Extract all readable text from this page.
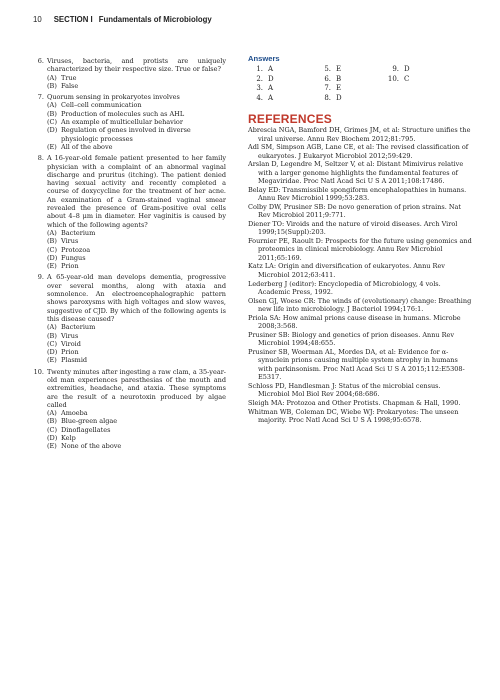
10 SECTION I Fundamentals of Microbiology
6. Viruses, bacteria, and protists are uniquely characterized by their respective size. True or false?
(A) True
(B) False
7. Quorum sensing in prokaryotes involves
(A) Cell–cell communication
(B) Production of molecules such as AHL
(C) An example of multicellular behavior
(D) Regulation of genes involved in diverse physiologic processes
(E) All of the above
8. A 16-year-old female patient presented to her family physician with a complaint of an abnormal vaginal discharge and pruritus (itching). The patient denied having sexual activity and recently completed a course of doxycycline for the treatment of her acne. An examination of a Gram-stained vaginal smear revealed the presence of Gram-positive oval cells about 4–8 μm in diameter. Her vaginitis is caused by which of the following agents?
(A) Bacterium
(B) Virus
(C) Protozoa
(D) Fungus
(E) Prion
9. A 65-year-old man develops dementia, progressive over several months, along with ataxia and somnolence. An electroencephalographic pattern shows paroxysms with high voltages and slow waves, suggestive of CJD. By which of the following agents is this disease caused?
(A) Bacterium
(B) Virus
(C) Viroid
(D) Prion
(E) Plasmid
10. Twenty minutes after ingesting a raw clam, a 35-year-old man experiences paresthesias of the mouth and extremities, headache, and ataxia. These symptoms are the result of a neurotoxin produced by algae called
(A) Amoeba
(B) Blue-green algae
(C) Dinoflagellates
(D) Kelp
(E) None of the above
Answers
1. A	5. E	9. D
2. D	6. B	10. C
3. A	7. E
4. A	8. D
REFERENCES
Abrescia NGA, Bamford DH, Grimes JM, et al: Structure unifies the viral universe. Annu Rev Biochem 2012;81:795.
Adl SM, Simpson AGB, Lane CE, et al: The revised classification of eukaryotes. J Eukaryot Microbiol 2012;59:429.
Arslan D, Legendre M, Seltzer V, et al: Distant Mimivirus relative with a larger genome highlights the fundamental features of Megaviridae. Proc Natl Acad Sci U S A 2011;108:17486.
Belay ED: Transmissible spongiform encephalopathies in humans. Annu Rev Microbiol 1999;53:283.
Colby DW, Prusiner SB: De novo generation of prion strains. Nat Rev Microbiol 2011;9:771.
Diener TO: Viroids and the nature of viroid diseases. Arch Virol 1999;15(Suppl):203.
Fournier PE, Raoult D: Prospects for the future using genomics and proteomics in clinical microbiology. Annu Rev Microbiol 2011;65:169.
Katz LA: Origin and diversification of eukaryotes. Annu Rev Microbiol 2012;63:411.
Lederberg J (editor): Encyclopedia of Microbiology, 4 vols. Academic Press, 1992.
Olsen GJ, Woese CR: The winds of (evolutionary) change: Breathing new life into microbiology. J Bacteriol 1994;176:1.
Priola SA: How animal prions cause disease in humans. Microbe 2008;3:568.
Prusiner SB: Biology and genetics of prion diseases. Annu Rev Microbiol 1994;48:655.
Prusiner SB, Woerman AL, Mordes DA, et al: Evidence for α-synuclein prions causing multiple system atrophy in humans with parkinsonism. Proc Natl Acad Sci U S A 2015;112:E5308-E5317.
Schloss PD, Handlesman J: Status of the microbial census. Microbiol Mol Biol Rev 2004;68:686.
Sleigh MA: Protozoa and Other Protists. Chapman & Hall, 1990.
Whitman WB, Coleman DC, Wiebe WJ: Prokaryotes: The unseen majority. Proc Natl Acad Sci U S A 1998;95:6578.
